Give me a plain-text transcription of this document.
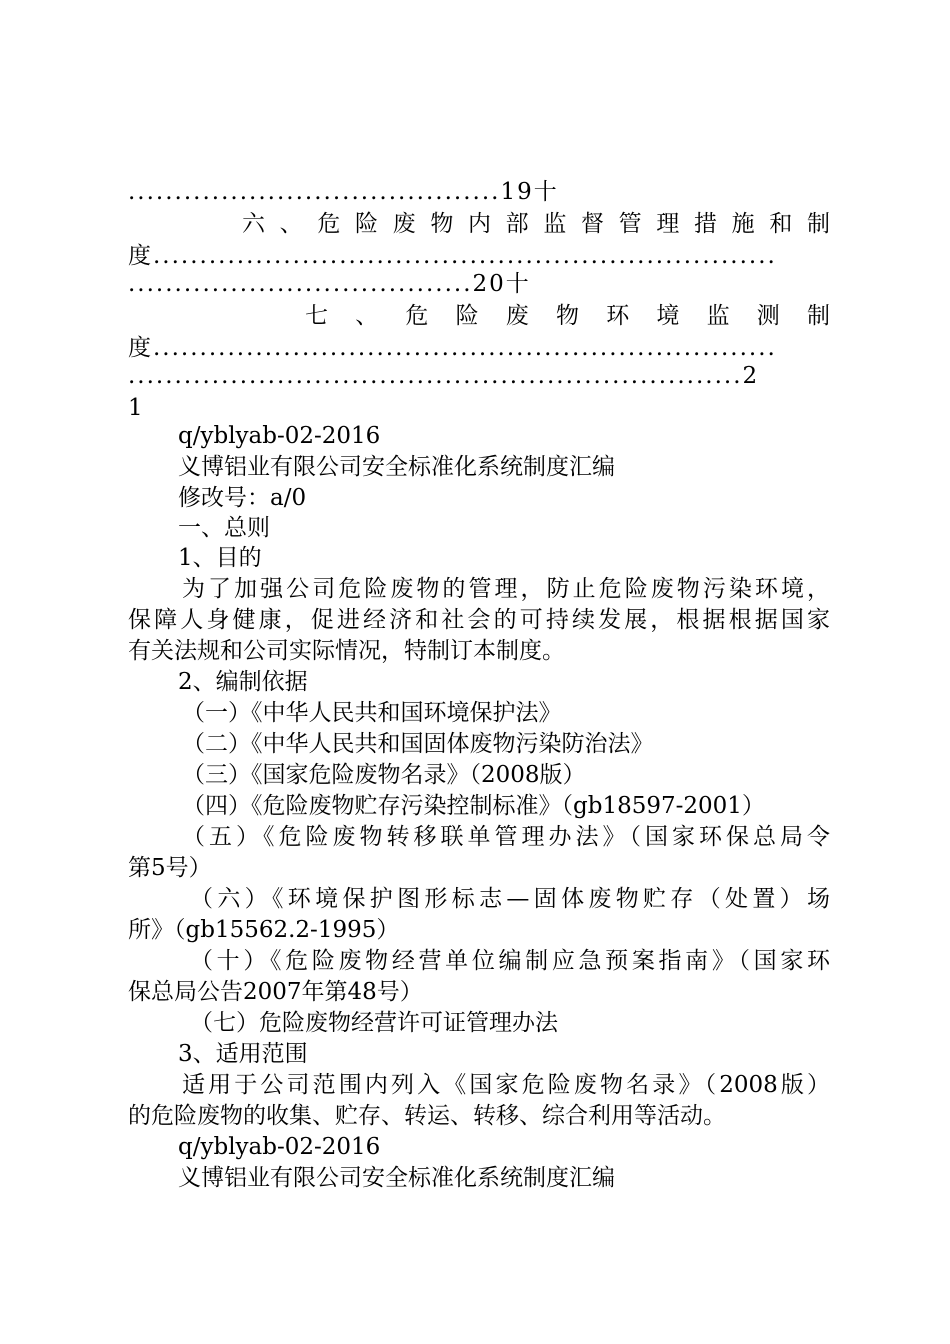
........................................19十
六、危险废物内部监督管理措施和制
度...................................................................
.....................................20十
七、危险废物环境监测制
度...................................................................
..................................................................2
1
q/yblyab-02-2016
义博铝业有限公司安全标准化系统制度汇编
修改号：a/0
一、总则
1、目的
为了加强公司危险废物的管理，防止危险废物污染环境，
保障人身健康，促进经济和社会的可持续发展，根据根据国家
有关法规和公司实际情况，特制订本制度。
2、编制依据
（一）《中华人民共和国环境保护法》
（二）《中华人民共和国固体废物污染防治法》
（三）《国家危险废物名录》（2008版）
（四）《危险废物贮存污染控制标准》（gb18597-2001）
（五）《危险废物转移联单管理办法》（国家环保总局令
第5号）
（六）《环境保护图形标志—固体废物贮存（处置）场
所》（gb15562.2-1995）
（十）《危险废物经营单位编制应急预案指南》（国家环
保总局公告2007年第48号）
（七）危险废物经营许可证管理办法
3、适用范围
适用于公司范围内列入《国家危险废物名录》（2008版）
的危险废物的收集、贮存、转运、转移、综合利用等活动。
q/yblyab-02-2016
义博铝业有限公司安全标准化系统制度汇编
